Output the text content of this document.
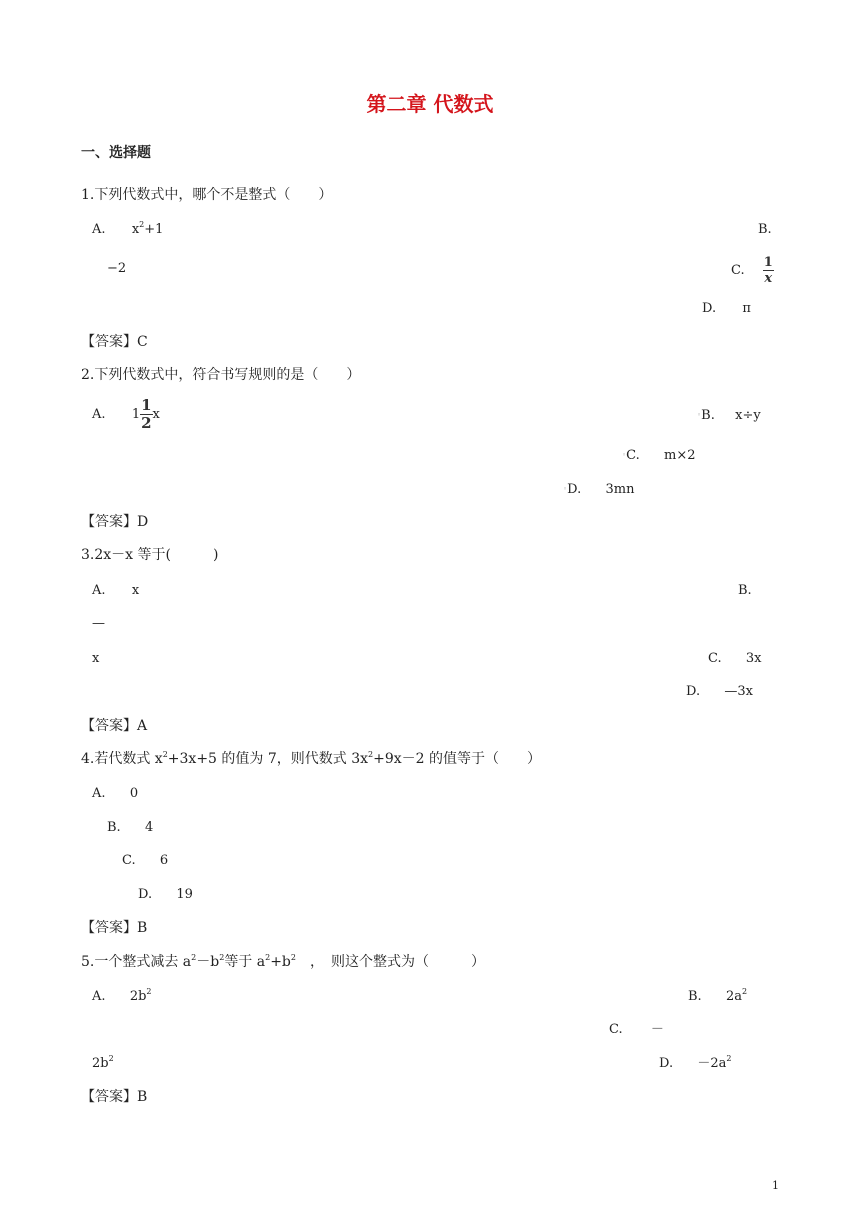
第二章 代数式
一、选择题
1.下列代数式中，哪个不是整式（　　）
A. $x^2+1$	B.
−2	C. $\frac{1}{x}$
D. π
【答案】C
2.下列代数式中，符合书写规则的是（　　）
A. $1 \frac{1}{2}$ x	◦B. x÷y
◦C. m×2
◦D. 3mn
【答案】D
3.2x－x 等于(　　　)
A. x	B.
—
x	C. 3x
D. —3x
【答案】A
4.若代数式 $x^2+3x+5$ 的值为 7，则代数式 $3x^2+9x-2$ 的值等于（　　）
A. 0
B. 4
C. 6
D. 19
【答案】B
5.一个整式减去 $a^2-b^2$等于 $a^2+b^2$　，　则这个整式为（　　　）
A. $2b^2$	B. $2a^2$
C. －
$2b^2$	D. $-2a^2$
【答案】B
1
